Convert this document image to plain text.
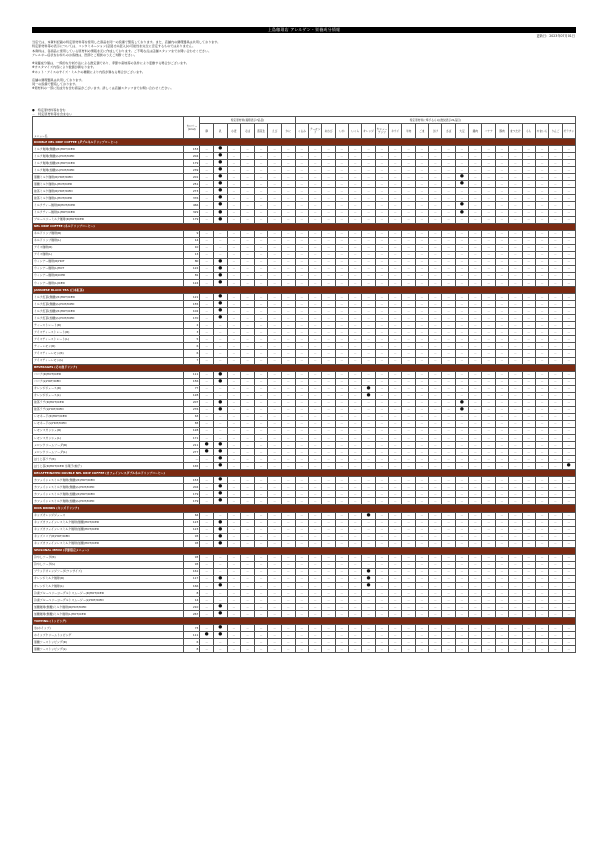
上島珈琲店 アレルゲン・栄養成分情報
更新日：2023年07月01日

当店では、本資料記載の特定原材料等を使用した商品を同一の設備で製造しております。また、店舗内の調理器具は共用しております。

特定原材料等の表示については、コンタミネーション(意図せぬ混入)の可能性を完全に否定するものではありません。

本資料は、各商品に使用している原材料の情報を元に作成しております。ご不明な点は店舗スタッフまでお問い合わせください。

アレルギー症状をお持ちのお客様は、医師とご相談のうえご判断ください。

※栄養成分値は、一般的な分析方法による推定値であり、季節や産地等の条件により変動する場合がございます。

※カスタマイズ内容により数値が異なります。

※ホット・アイスのサイズ・ミルクの種類により内容が異なる場合がございます。

店舗の調理器具は共用しております。

同一の設備で製造しております。

※原材料の一部に乳成分を含む商品がございます。詳しくは店舗スタッフまでお問い合わせください。

●　特定原材料等を含む

－　特定原材料等を含まない

メニュー名	カロリー(kcal)	特定原材料(義務表示7品目)							特定原材料に準ずるもの(推奨表示21品目)																				
		卵	乳	小麦	そば	落花生	えび	かに	くるみ	アーモンド	あわび	いか	いくら	オレンジ	カシューナッツ	キウイ	牛肉	ごま	さけ	さば	大豆	鶏肉	バナナ	豚肉	まつたけ	もも	やまいも	りんご	ゼラチン
DOUBLE NEL DRIP COFFEE (ダブルネルドリップコーヒー)																													
ミルク珈琲(無糖)(R)HOT/ICED	153	－	●	－	－	－	－	－	－	－	－	－	－	－	－	－	－	－	－	－	－	－	－	－	－	－	－	－	－
ミルク珈琲(無糖)(L)HOT/ICED	204	－	●	－	－	－	－	－	－	－	－	－	－	－	－	－	－	－	－	－	－	－	－	－	－	－	－	－	－
ミルク珈琲(加糖)(R)HOT/ICED	179	－	●	－	－	－	－	－	－	－	－	－	－	－	－	－	－	－	－	－	－	－	－	－	－	－	－	－	－
ミルク珈琲(加糖)(L)HOT/ICED	239	－	●	－	－	－	－	－	－	－	－	－	－	－	－	－	－	－	－	－	－	－	－	－	－	－	－	－	－
黒糖ミルク珈琲(R)HOT/ICED	201	－	●	－	－	－	－	－	－	－	－	－	－	－	－	－	－	－	－	－	●	－	－	－	－	－	－	－	－
黒糖ミルク珈琲(L)HOT/ICED	251	－	●	－	－	－	－	－	－	－	－	－	－	－	－	－	－	－	－	－	●	－	－	－	－	－	－	－	－
抹茶ミルク珈琲(R)HOT/ICED	273	－	●	－	－	－	－	－	－	－	－	－	－	－	－	－	－	－	－	－	－	－	－	－	－	－	－	－	－
抹茶ミルク珈琲(L)HOT/ICED	376	－	●	－	－	－	－	－	－	－	－	－	－	－	－	－	－	－	－	－	－	－	－	－	－	－	－	－	－
ミルクティー珈琲(R)HOT/ICED	466	－	●	－	－	－	－	－	－	－	－	－	－	－	－	－	－	－	－	－	●	－	－	－	－	－	－	－	－
ミルクティー珈琲(L)HOT/ICED	329	－	●	－	－	－	－	－	－	－	－	－	－	－	－	－	－	－	－	－	●	－	－	－	－	－	－	－	－
ブルーベリーミルク珈琲(R)HOT/ICED	179	－	●	－	－	－	－	－	－	－	－	－	－	－	－	－	－	－	－	－	－	－	－	－	－	－	－	－	－
NEL DRIP COFFEE (ネルドリップコーヒー)																													
ネルドリップ珈琲(R)	9	－	－	－	－	－	－	－	－	－	－	－	－	－	－	－	－	－	－	－	－	－	－	－	－	－	－	－	－
ネルドリップ珈琲(L)	14	－	－	－	－	－	－	－	－	－	－	－	－	－	－	－	－	－	－	－	－	－	－	－	－	－	－	－	－
アイス珈琲(R)	10	－	－	－	－	－	－	－	－	－	－	－	－	－	－	－	－	－	－	－	－	－	－	－	－	－	－	－	－
アイス珈琲(L)	13	－	－	－	－	－	－	－	－	－	－	－	－	－	－	－	－	－	－	－	－	－	－	－	－	－	－	－	－
ウィンナー珈琲(R)HOT	80	－	●	－	－	－	－	－	－	－	－	－	－	－	－	－	－	－	－	－	－	－	－	－	－	－	－	－	－
ウィンナー珈琲(L)HOT	122	－	●	－	－	－	－	－	－	－	－	－	－	－	－	－	－	－	－	－	－	－	－	－	－	－	－	－	－
ウィンナー珈琲(R)ICED	81	－	●	－	－	－	－	－	－	－	－	－	－	－	－	－	－	－	－	－	－	－	－	－	－	－	－	－	－
ウィンナー珈琲(L)ICED	124	－	●	－	－	－	－	－	－	－	－	－	－	－	－	－	－	－	－	－	－	－	－	－	－	－	－	－	－
JAPANESE BLACK TEA (日本紅茶)																													
ミルク紅茶(無糖)(R)HOT/ICED	121	－	●	－	－	－	－	－	－	－	－	－	－	－	－	－	－	－	－	－	－	－	－	－	－	－	－	－	－
ミルク紅茶(無糖)(L)HOT/ICED	155	－	●	－	－	－	－	－	－	－	－	－	－	－	－	－	－	－	－	－	－	－	－	－	－	－	－	－	－
ミルク紅茶(加糖)(R)HOT/ICED	102	－	●	－	－	－	－	－	－	－	－	－	－	－	－	－	－	－	－	－	－	－	－	－	－	－	－	－	－
ミルク紅茶(加糖)(L)HOT/ICED	170	－	●	－	－	－	－	－	－	－	－	－	－	－	－	－	－	－	－	－	－	－	－	－	－	－	－	－	－
ティーストレート(R)	2	－	－	－	－	－	－	－	－	－	－	－	－	－	－	－	－	－	－	－	－	－	－	－	－	－	－	－	－
アイスティーストレート(R)	3	－	－	－	－	－	－	－	－	－	－	－	－	－	－	－	－	－	－	－	－	－	－	－	－	－	－	－	－
アイスティーストレート(L)	5	－	－	－	－	－	－	－	－	－	－	－	－	－	－	－	－	－	－	－	－	－	－	－	－	－	－	－	－
ティーレモン(R)	6	－	－	－	－	－	－	－	－	－	－	－	－	－	－	－	－	－	－	－	－	－	－	－	－	－	－	－	－
アイスティーレモン(R)	6	－	－	－	－	－	－	－	－	－	－	－	－	－	－	－	－	－	－	－	－	－	－	－	－	－	－	－	－
アイスティーレモン(L)	7	－	－	－	－	－	－	－	－	－	－	－	－	－	－	－	－	－	－	－	－	－	－	－	－	－	－	－	－
BEVERAGES (その他ドリンク)																													
ココア(R)HOT/ICED	111	－	●	－	－	－	－	－	－	－	－	－	－	－	－	－	－	－	－	－	－	－	－	－	－	－	－	－	－
ココア(L)HOT/ICED	156	－	●	－	－	－	－	－	－	－	－	－	－	－	－	－	－	－	－	－	－	－	－	－	－	－	－	－	－
オレンジジュース(R)	77	－	－	－	－	－	－	－	－	－	－	－	－	●	－	－	－	－	－	－	－	－	－	－	－	－	－	－	－
オレンジジュース(L)	128	－	－	－	－	－	－	－	－	－	－	－	－	●	－	－	－	－	－	－	－	－	－	－	－	－	－	－	－
抹茶ラテ(R)HOT/ICED	207	－	●	－	－	－	－	－	－	－	－	－	－	－	－	－	－	－	－	－	●	－	－	－	－	－	－	－	－
抹茶ラテ(L)HOT/ICED	276	－	●	－	－	－	－	－	－	－	－	－	－	－	－	－	－	－	－	－	●	－	－	－	－	－	－	－	－
レモネード(R)HOT/ICED	63	－	－	－	－	－	－	－	－	－	－	－	－	－	－	－	－	－	－	－	－	－	－	－	－	－	－	－	－
レモネード(L)HOT/ICED	83	－	－	－	－	－	－	－	－	－	－	－	－	－	－	－	－	－	－	－	－	－	－	－	－	－	－	－	－
レモンスカッシュ(R)	128	－	－	－	－	－	－	－	－	－	－	－	－	－	－	－	－	－	－	－	－	－	－	－	－	－	－	－	－
レモンスカッシュ(L)	171	－	－	－	－	－	－	－	－	－	－	－	－	－	－	－	－	－	－	－	－	－	－	－	－	－	－	－	－
メロンクリームソーダ(R)	211	●	●	－	－	－	－	－	－	－	－	－	－	－	－	－	－	－	－	－	－	－	－	－	－	－	－	－	－
メロンクリームソーダ(L)	277	●	●	－	－	－	－	－	－	－	－	－	－	－	－	－	－	－	－	－	－	－	－	－	－	－	－	－	－
ほうじ茶ラテ(R)	—	－	●	－	－	－	－	－	－	－	－	－	－	－	－	－	－	－	－	－	－	－	－	－	－	－	－	－	－
ほうじ茶(R)HOT/ICED 氷菓子(柚子)	165	－	●	－	－	－	－	－	－	－	－	－	－	－	－	－	－	－	－	－	－	－	－	－	－	－	－	－	●
DECAFFEINATED DOUBLE NEL DRIP COFFEE (カフェインレスダブルネルドリップコーヒー)																													
カフェインレスミルク珈琲(無糖)(R)HOT/ICED	153	－	●	－	－	－	－	－	－	－	－	－	－	－	－	－	－	－	－	－	－	－	－	－	－	－	－	－	－
カフェインレスミルク珈琲(無糖)(L)HOT/ICED	204	－	●	－	－	－	－	－	－	－	－	－	－	－	－	－	－	－	－	－	－	－	－	－	－	－	－	－	－
カフェインレスミルク珈琲(加糖)(R)HOT/ICED	179	－	●	－	－	－	－	－	－	－	－	－	－	－	－	－	－	－	－	－	－	－	－	－	－	－	－	－	－
カフェインレスミルク珈琲(加糖)(L)HOT/ICED	179	－	●	－	－	－	－	－	－	－	－	－	－	－	－	－	－	－	－	－	－	－	－	－	－	－	－	－	－
KIDS DRINKS (キッズドリンク)																													
キッズオレンジジュース	64	－	－	－	－	－	－	－	－	－	－	－	－	●	－	－	－	－	－	－	－	－	－	－	－	－	－	－	－
キッズカフェインレスミルク珈琲(無糖)HOT/ICED	123	－	●	－	－	－	－	－	－	－	－	－	－	－	－	－	－	－	－	－	－	－	－	－	－	－	－	－	－
キッズカフェインレスミルク珈琲(加糖)HOT/ICED	123	－	●	－	－	－	－	－	－	－	－	－	－	－	－	－	－	－	－	－	－	－	－	－	－	－	－	－	－
キッズココア(R)HOT/ICED	93	－	●	－	－	－	－	－	－	－	－	－	－	－	－	－	－	－	－	－	－	－	－	－	－	－	－	－	－
キッズカフェインレスミルク珈琲(加糖)HOT/ICED	93	－	●	－	－	－	－	－	－	－	－	－	－	－	－	－	－	－	－	－	－	－	－	－	－	－	－	－	－
SEASONAL MENU (季節限定メニュー)																													
冷やしソーダ(R)	93	－	－	－	－	－	－	－	－	－	－	－	－	－	－	－	－	－	－	－	－	－	－	－	－	－	－	－	－
冷やしソーダ(L)	93	－	－	－	－	－	－	－	－	－	－	－	－	－	－	－	－	－	－	－	－	－	－	－	－	－	－	－	－
ブラッドオレンジソーダ(ワンサイズ)	161	－	－	－	－	－	－	－	－	－	－	－	－	●	－	－	－	－	－	－	－	－	－	－	－	－	－	－	－
オレンジミルク珈琲(R)	117	－	●	－	－	－	－	－	－	－	－	－	－	●	－	－	－	－	－	－	－	－	－	－	－	－	－	－	－
オレンジミルク珈琲(L)	166	－	●	－	－	－	－	－	－	－	－	－	－	●	－	－	－	－	－	－	－	－	－	－	－	－	－	－	－
冷凍ブルーベリーヨーグルトスムージー(R)HOT/ICED	8	－	－	－	－	－	－	－	－	－	－	－	－	－	－	－	－	－	－	－	－	－	－	－	－	－	－	－	－
冷凍ブルーベリーヨーグルトスムージー(L)HOT/ICED	14	－	－	－	－	－	－	－	－	－	－	－	－	－	－	－	－	－	－	－	－	－	－	－	－	－	－	－	－
加糖珈琲(無糖)ミルク珈琲(R)HOT/ICED	210	－	●	－	－	－	－	－	－	－	－	－	－	－	－	－	－	－	－	－	－	－	－	－	－	－	－	－	－
加糖珈琲(無糖)ミルク珈琲(L)HOT/ICED	267	－	●	－	－	－	－	－	－	－	－	－	－	－	－	－	－	－	－	－	－	－	－	－	－	－	－	－	－
TOPPING (トッピング)																													
氷(ホイップ)	73	－	●	－	－	－	－	－	－	－	－	－	－	－	－	－	－	－	－	－	－	－	－	－	－	－	－	－	－
ホイップクリームトッピング	111	●	●	－	－	－	－	－	－	－	－	－	－	－	－	－	－	－	－	－	－	－	－	－	－	－	－	－	－
黒糖ソーストッピング(R)	6	－	－	－	－	－	－	－	－	－	－	－	－	－	－	－	－	－	－	－	－	－	－	－	－	－	－	－	－
黒糖ソーストッピング(L)	8	－	－	－	－	－	－	－	－	－	－	－	－	－	－	－	－	－	－	－	－	－	－	－	－	－	－	－	－
